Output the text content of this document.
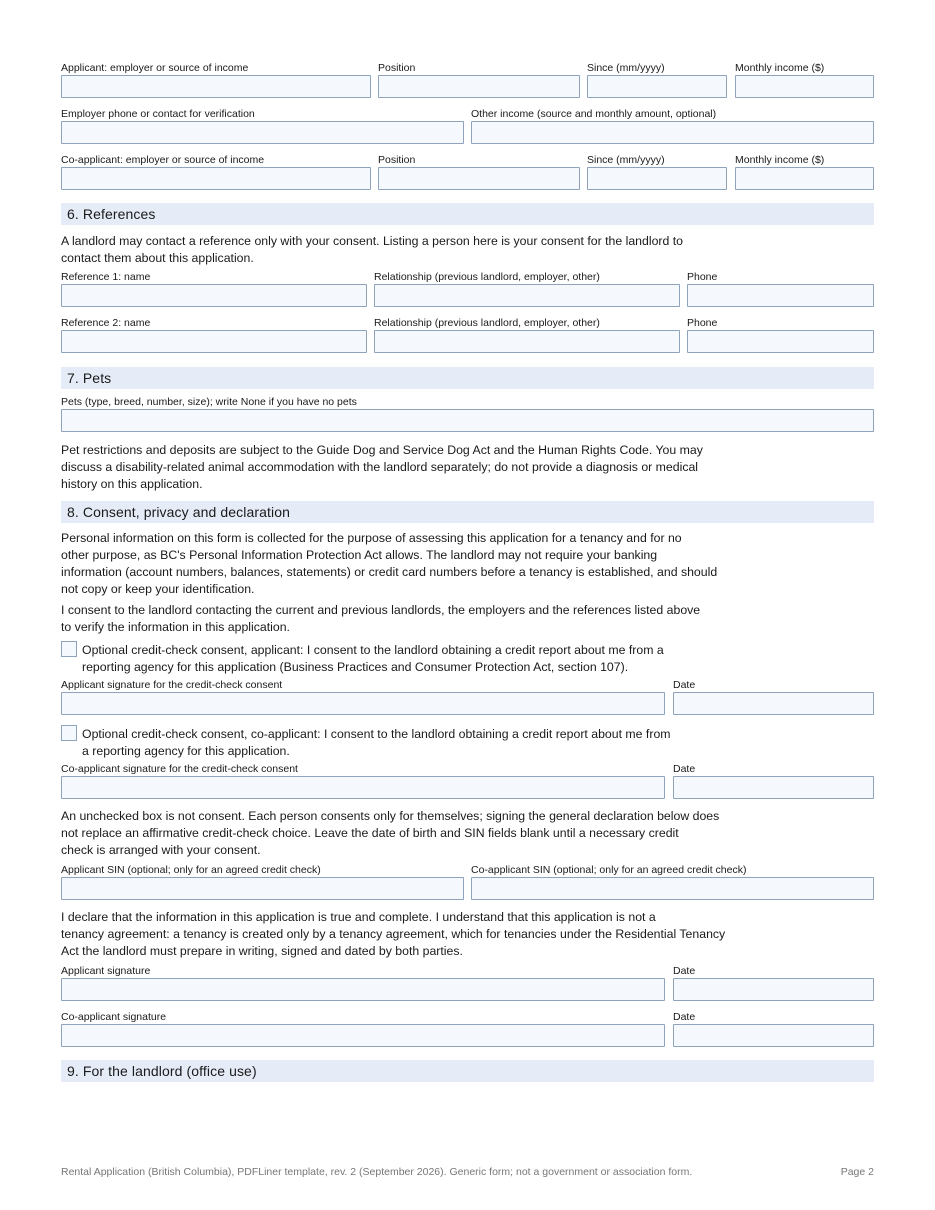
Applicant: employer or source of income	Position	Since (mm/yyyy)	Monthly income ($)
Employer phone or contact for verification	Other income (source and monthly amount, optional)
Co-applicant: employer or source of income	Position	Since (mm/yyyy)	Monthly income ($)
6. References
A landlord may contact a reference only with your consent. Listing a person here is your consent for the landlord to
contact them about this application.
Reference 1: name	Relationship (previous landlord, employer, other)	Phone
Reference 2: name	Relationship (previous landlord, employer, other)	Phone
7. Pets
Pets (type, breed, number, size); write None if you have no pets
Pet restrictions and deposits are subject to the Guide Dog and Service Dog Act and the Human Rights Code. You may
discuss a disability-related animal accommodation with the landlord separately; do not provide a diagnosis or medical
history on this application.
8. Consent, privacy and declaration
Personal information on this form is collected for the purpose of assessing this application for a tenancy and for no
other purpose, as BC's Personal Information Protection Act allows. The landlord may not require your banking
information (account numbers, balances, statements) or credit card numbers before a tenancy is established, and should
not copy or keep your identification.
I consent to the landlord contacting the current and previous landlords, the employers and the references listed above
to verify the information in this application.
Optional credit-check consent, applicant: I consent to the landlord obtaining a credit report about me from a
reporting agency for this application (Business Practices and Consumer Protection Act, section 107).
Applicant signature for the credit-check consent	Date
Optional credit-check consent, co-applicant: I consent to the landlord obtaining a credit report about me from
a reporting agency for this application.
Co-applicant signature for the credit-check consent	Date
An unchecked box is not consent. Each person consents only for themselves; signing the general declaration below does
not replace an affirmative credit-check choice. Leave the date of birth and SIN fields blank until a necessary credit
check is arranged with your consent.
Applicant SIN (optional; only for an agreed credit check)	Co-applicant SIN (optional; only for an agreed credit check)
I declare that the information in this application is true and complete. I understand that this application is not a
tenancy agreement: a tenancy is created only by a tenancy agreement, which for tenancies under the Residential Tenancy
Act the landlord must prepare in writing, signed and dated by both parties.
Applicant signature	Date
Co-applicant signature	Date
9. For the landlord (office use)
Rental Application (British Columbia), PDFLiner template, rev. 2 (September 2026). Generic form; not a government or association form.	Page 2
